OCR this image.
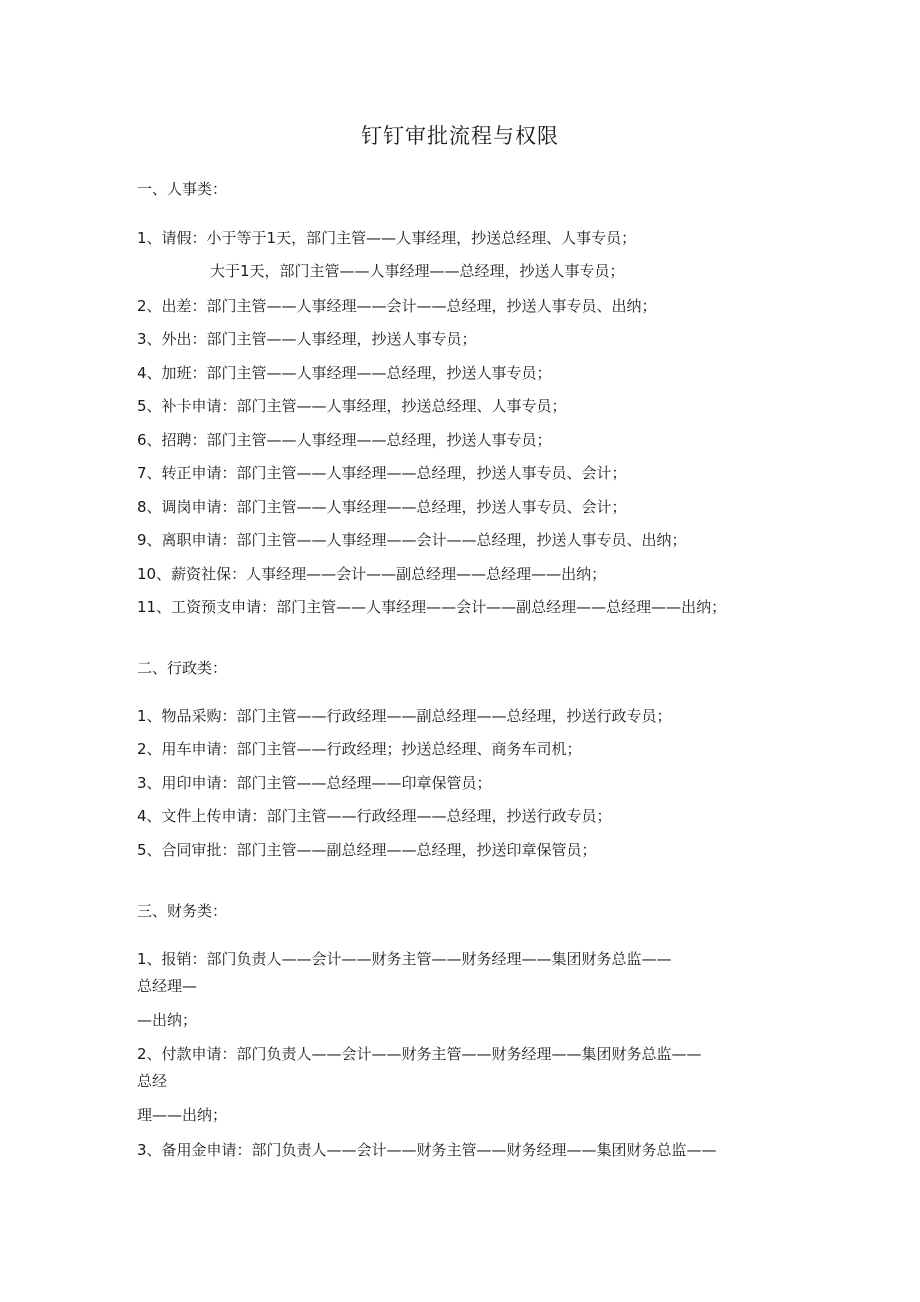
钉钉审批流程与权限
一、人事类：
1、请假：小于等于1天，部门主管——人事经理，抄送总经理、人事专员；
大于1天，部门主管——人事经理——总经理，抄送人事专员；
2、出差：部门主管——人事经理——会计——总经理，抄送人事专员、出纳；
3、外出：部门主管——人事经理，抄送人事专员；
4、加班：部门主管——人事经理——总经理，抄送人事专员；
5、补卡申请：部门主管——人事经理，抄送总经理、人事专员；
6、招聘：部门主管——人事经理——总经理，抄送人事专员；
7、转正申请：部门主管——人事经理——总经理，抄送人事专员、会计；
8、调岗申请：部门主管——人事经理——总经理，抄送人事专员、会计；
9、离职申请：部门主管——人事经理——会计——总经理，抄送人事专员、出纳；
10、薪资社保：人事经理——会计——副总经理——总经理——出纳；
11、工资预支申请：部门主管——人事经理——会计——副总经理——总经理——出纳；
二、行政类：
1、物品采购：部门主管——行政经理——副总经理——总经理，抄送行政专员；
2、用车申请：部门主管——行政经理；抄送总经理、商务车司机；
3、用印申请：部门主管——总经理——印章保管员；
4、文件上传申请：部门主管——行政经理——总经理，抄送行政专员；
5、合同审批：部门主管——副总经理——总经理，抄送印章保管员；
三、财务类：
1、报销：部门负责人——会计——财务主管——财务经理——集团财务总监——
总经理—
—出纳；
2、付款申请：部门负责人——会计——财务主管——财务经理——集团财务总监——
总经
理——出纳；
3、备用金申请：部门负责人——会计——财务主管——财务经理——集团财务总监——
